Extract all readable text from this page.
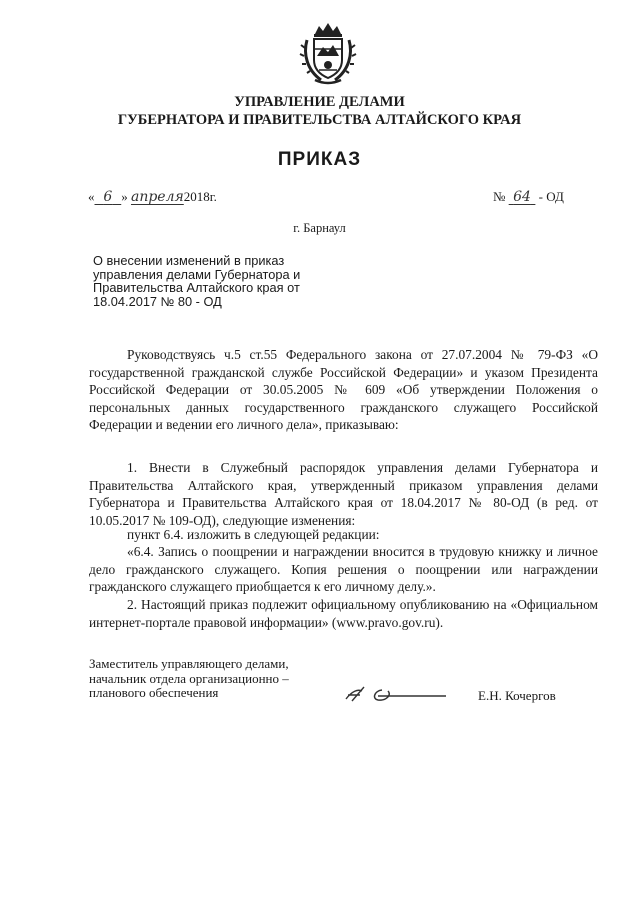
УПРАВЛЕНИЕ ДЕЛАМИ
ГУБЕРНАТОРА И ПРАВИТЕЛЬСТВА АЛТАЙСКОГО КРАЯ
ПРИКАЗ
« 6 » апреля2018г.	№ 64 - ОД
г. Барнаул
О внесении изменений в приказ
управления делами Губернатора и
Правительства Алтайского края от
18.04.2017 № 80 - ОД

Руководствуясь ч.5 ст.55 Федерального закона от 27.07.2004 № 79-ФЗ «О государственной гражданской службе Российской Федерации» и указом Президента Российской Федерации от 30.05.2005 № 609 «Об утверждении Положения о персональных данных государственного гражданского служащего Российской Федерации и ведении его личного дела», приказываю:

1. Внести в Служебный распорядок управления делами Губернатора и Правительства Алтайского края, утвержденный приказом управления делами Губернатора и Правительства Алтайского края от 18.04.2017 № 80-ОД (в ред. от 10.05.2017 № 109-ОД), следующие изменения:

пункт 6.4. изложить в следующей редакции:

«6.4. Запись о поощрении и награждении вносится в трудовую книжку и личное дело гражданского служащего. Копия решения о поощрении или награждении гражданского служащего приобщается к его личному делу.».

2. Настоящий приказ подлежит официальному опубликованию на «Официальном интернет-портале правовой информации» (www.pravo.gov.ru).

Заместитель управляющего делами,
начальник отдела организационно –
планового обеспечения	Е.Н. Кочергов
